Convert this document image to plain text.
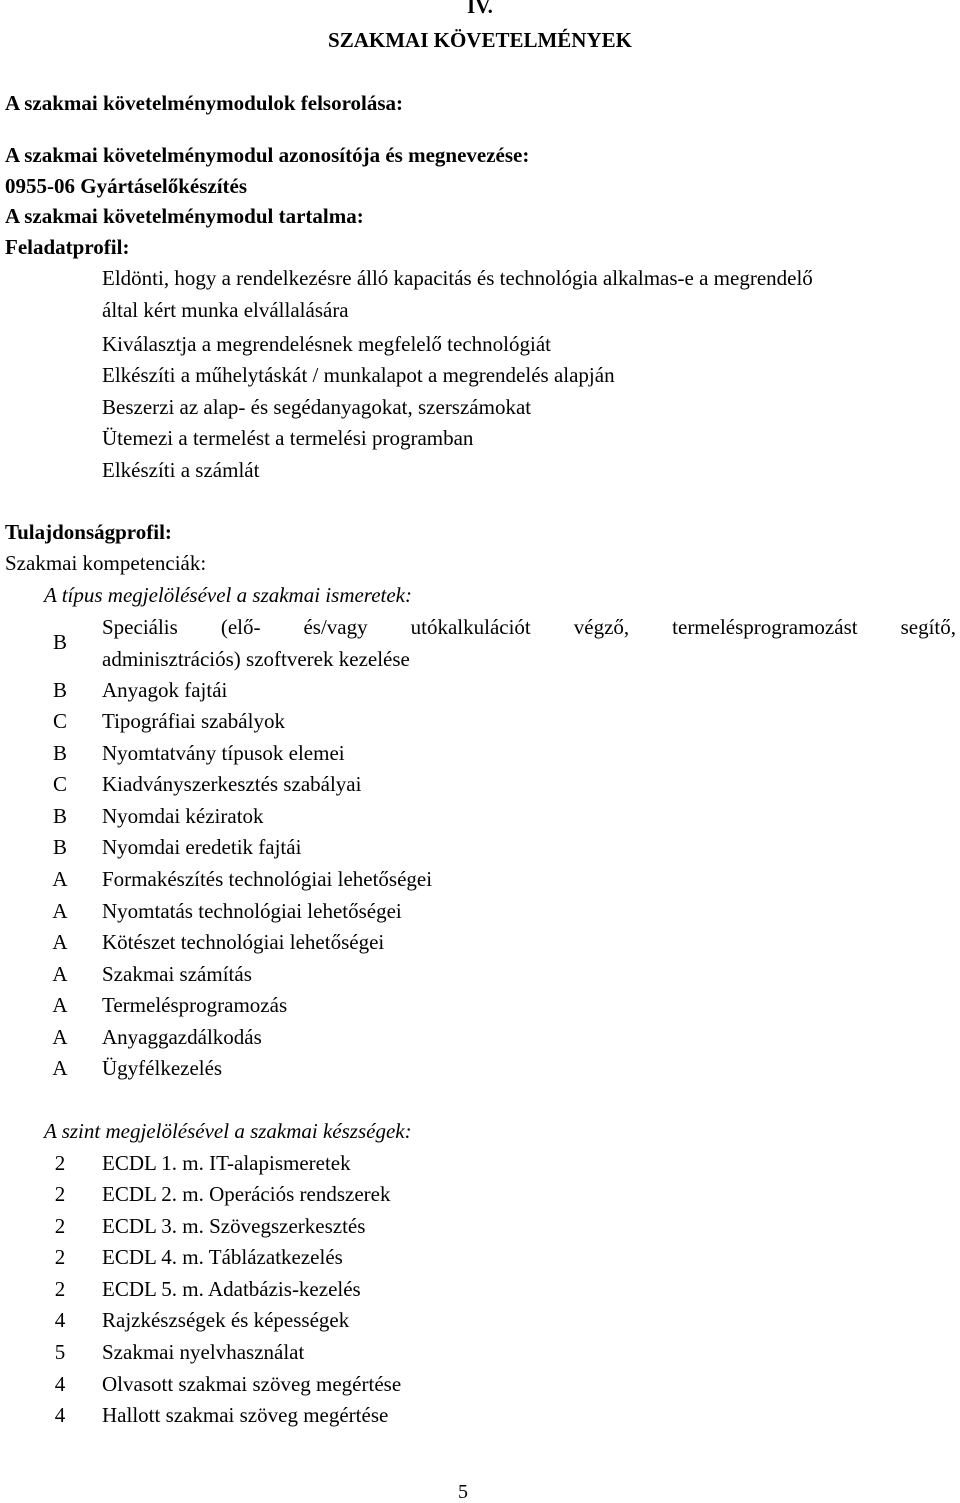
IV.
SZAKMAI KÖVETELMÉNYEK
A szakmai követelménymodulok felsorolása:
A szakmai követelménymodul azonosítója és megnevezése:
0955-06 Gyártáselőkészítés
A szakmai követelménymodul tartalma:
Feladatprofil:
Eldönti, hogy a rendelkezésre álló kapacitás és technológia alkalmas-e a megrendelő
által kért munka elvállalására
Kiválasztja a megrendelésnek megfelelő technológiát
Elkészíti a műhelytáskát / munkalapot a megrendelés alapján
Beszerzi az alap- és segédanyagokat, szerszámokat
Ütemezi a termelést a termelési programban
Elkészíti a számlát
Tulajdonságprofil:
Szakmai kompetenciák:
A típus megjelölésével a szakmai ismeretek:
B
Speciális (elő- és/vagy utókalkulációt végző, termelésprogramozást segítő,
adminisztrációs) szoftverek kezelése
B Anyagok fajtái
C Tipográfiai szabályok
B Nyomtatvány típusok elemei
C Kiadványszerkesztés szabályai
B Nyomdai kéziratok
B Nyomdai eredetik fajtái
A Formakészítés technológiai lehetőségei
A Nyomtatás technológiai lehetőségei
A Kötészet technológiai lehetőségei
A Szakmai számítás
A Termelésprogramozás
A Anyaggazdálkodás
A Ügyfélkezelés
A szint megjelölésével a szakmai készségek:
2 ECDL 1. m. IT-alapismeretek
2 ECDL 2. m. Operációs rendszerek
2 ECDL 3. m. Szövegszerkesztés
2 ECDL 4. m. Táblázatkezelés
2 ECDL 5. m. Adatbázis-kezelés
4 Rajzkészségek és képességek
5 Szakmai nyelvhasználat
4 Olvasott szakmai szöveg megértése
4 Hallott szakmai szöveg megértése
5
